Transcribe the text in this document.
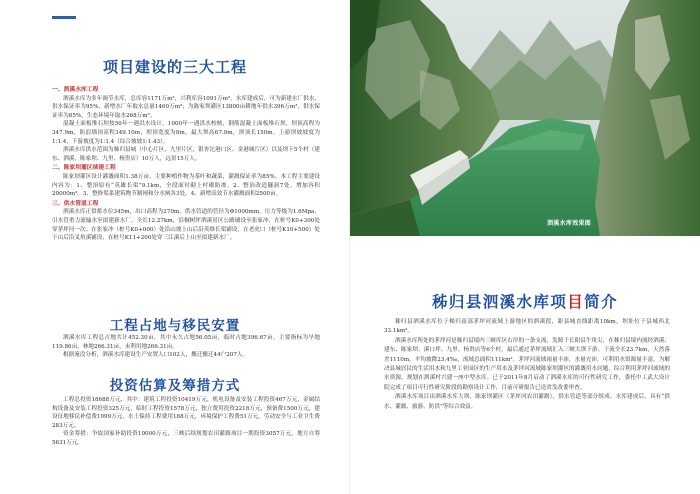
项目建设的三大工程
一、泗溪水库工程

泗溪水库为多年调节水库，总库容1171万m³，兴利库容1091万m³，水库建成后，可为新建水厂供水，供水保证率为95%，新增水厂年取水总量1460万m³；为陈家坝灌区13800亩耕地年供水396万m³，供水保证率为85%，生态环境年取水268万m³。

混凝土面板堆石坝按50年一遇洪水设计，1000年一遇洪水校核，钢筋混凝土面板堆石坝，坝顶高程为347.9m，防浪墙顶高程349.10m，坝顶宽度为8m，最大坝高67.9m，坝顶长150m。上游坝坡坡度为1:1.4，下游坡度为1:1.4（综合坡坡1:1.43）。

泗溪水库供水范围为秭归县城（中心片区、九里片区，银杏沱港口区、金港城片区）以及坝下5个村（建东、泗溪、陈家坝、九里、杨贵店）10万人，远景15万人。

二、陈家坝灌区续建工程

陈家坝灌区设计灌溉面积1.38万亩，主要种植作物为茶叶和蔬菜，灌溉保证率为85%。本工程主要建设内容为：1、整治原有“英雄长渠”9.1km，全段面衬砌上村砌防渗。2、整治改造隧洞7处，增加容积20000m³。3、整修渠系建筑物节制闸和分水闸各3处。4、新增高效节水灌溉面积2500亩。

三、供水管道工程

泗溪水库正常蓄水位345m，出口高程为270m，供水管道的管径为Φ1000mm，压力等级为1.6Mpa，引水管重力流输水至拟建新水厂。全长12.27km，沿桐树坪泗溪景区公路铺设至张家冲，在桩号K0+300处穿茅坪河一次；在张家冲（桩号K0+000）处沿山坡上山后沿英维长渠铺设，在老虎口（桩号K10+500）处下山后沿叉角溪铺设，在桩号K11+200处穿三江溪后上山至拟建新水厂。

工程占地与移民安置

泗溪水库工程总占地共计452.30亩，其中永久占地56.05亩，临时占地396.67亩，主要指标为旱地119.86亩，林地266.31亩，未利用地266.31亩。

根据淹没分析，泗溪水库建设生产安置人口102人，搬迁搬迁44户207人。

投资估算及筹措方式

工程总投资18688万元，其中：建筑工程投资10419万元，机电设备及安装工程投资467万元，金属结构设备及安装工程投资325万元，临时工程投资1578万元，独立费用投资2218万元，预备费1500万元，建设征地移民补偿费1099万元，水土保持工程费用188万元，环境保护工程费51万元，劳动安全与工业卫生费283万元。

资金筹措：争取国家补助投资10000万元，三峡后续规划农田灌溉项目一期投资3057万元，地方自筹5631万元。

泗溪水库效果图
秭归县泗溪水库项目简介

秭归县泗溪水库位于秭归南部茅坪河流域上游地区的泗溪段，距县城直线距离10km，坝址位于县城西北33.1km²。

泗溪水库所处的茅坪河是秭归县境内三峡库区右岸的一条支流，发源于长阳县牛角尖，在秭归县境内流经泗溪、建东、陈家坝、溪口坪、九里、杨贵店等6个村，最后通过茅坪流域汇入三峡大坝下游。干流全长23.7km，天然落差1110m，平均坡降23.4‰，流域总面积111km²。茅坪河流域雨量丰沛，水量充沛，可利用水资源量丰富，为解决县城居民的生活用水和九里工业园区的生产用水及茅坪河流域陈家坝灌区的灌溉用水问题，综合利用茅坪河流域的水资源，规划在泗溪村兴建一座中型水库。已于2011年8月启动了泗溪水库的可行性研究工作，委托中工武大设计院完成了项目可行性研究阶段的勘察设计工作，目前可研报告已送省发改委审查。

泗溪水库项目由泗溪水库大坝、陈家坝灌区（茅坪河农田灌溉）、供水管道等部分组成。水库建成后，具有“供水、灌溉、旅游、防洪”等综合效益。
